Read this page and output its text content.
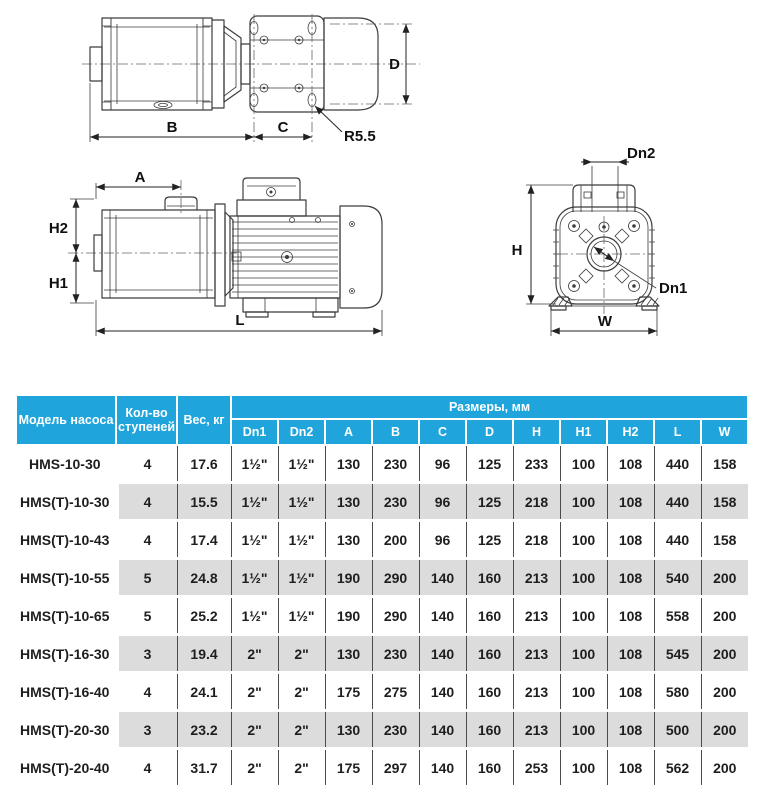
B	C
D
R5.5
A
H2
H1
L
Dn2
H
Dn1
W
Модель насоса	Кол-во ступеней	Вес, кг	Размеры, мм										
			Dn1	Dn2	A	B	C	D	H	H1	H2	L	W
HMS-10-30	4	17.6	1½"	1½"	130	230	96	125	233	100	108	440	158
HMS(T)-10-30	4	15.5	1½"	1½"	130	230	96	125	218	100	108	440	158
HMS(T)-10-43	4	17.4	1½"	1½"	130	200	96	125	218	100	108	440	158
HMS(T)-10-55	5	24.8	1½"	1½"	190	290	140	160	213	100	108	540	200
HMS(T)-10-65	5	25.2	1½"	1½"	190	290	140	160	213	100	108	558	200
HMS(T)-16-30	3	19.4	2"	2"	130	230	140	160	213	100	108	545	200
HMS(T)-16-40	4	24.1	2"	2"	175	275	140	160	213	100	108	580	200
HMS(T)-20-30	3	23.2	2"	2"	130	230	140	160	213	100	108	500	200
HMS(T)-20-40	4	31.7	2"	2"	175	297	140	160	253	100	108	562	200
